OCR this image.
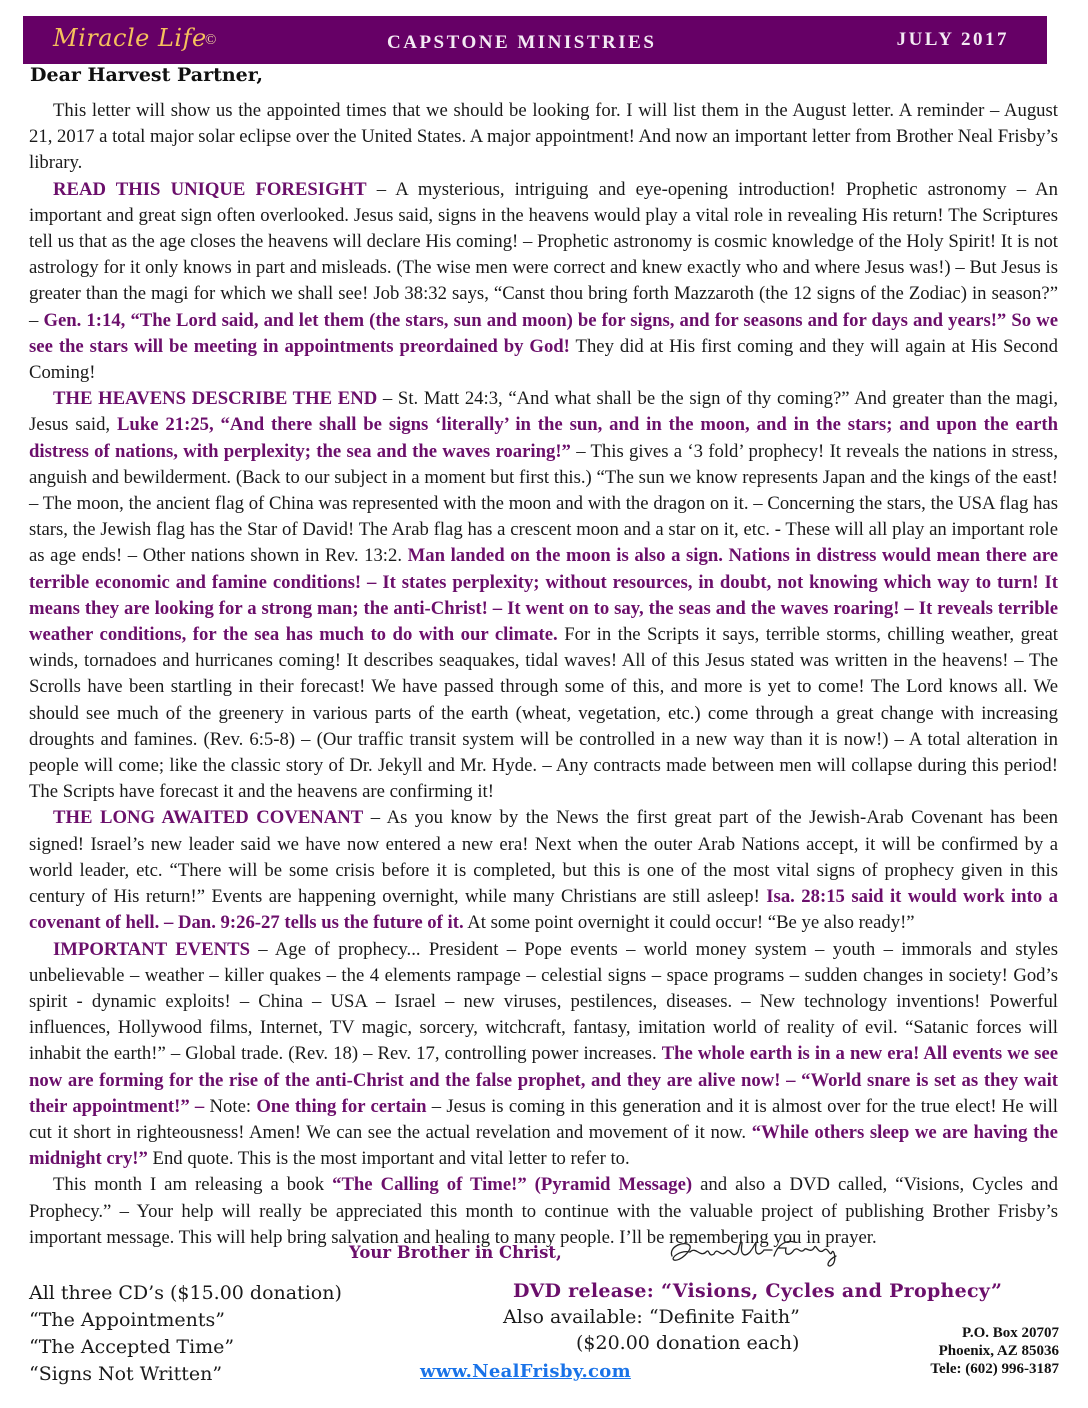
Miracle Life
©	CAPSTONE MINISTRIES	JULY 2017
Dear Harvest Partner,

This letter will show us the appointed times that we should be looking for. I will list them in the August letter. A reminder – August 21, 2017 a total major solar eclipse over the United States. A major appointment! And now an important letter from Brother Neal Frisby’s library.

READ THIS UNIQUE FORESIGHT – A mysterious, intriguing and eye-opening introduction! Prophetic astronomy – An important and great sign often overlooked. Jesus said, signs in the heavens would play a vital role in revealing His return! The Scriptures tell us that as the age closes the heavens will declare His coming! – Prophetic astronomy is cosmic knowledge of the Holy Spirit! It is not astrology for it only knows in part and misleads. (The wise men were correct and knew exactly who and where Jesus was!) – But Jesus is greater than the magi for which we shall see! Job 38:32 says, “Canst thou bring forth Mazzaroth (the 12 signs of the Zodiac) in season?” – Gen. 1:14, “The Lord said, and let them (the stars, sun and moon) be for signs, and for seasons and for days and years!” So we see the stars will be meeting in appointments preordained by God! They did at His first coming and they will again at His Second Coming!

THE HEAVENS DESCRIBE THE END – St. Matt 24:3, “And what shall be the sign of thy coming?” And greater than the magi, Jesus said, Luke 21:25, “And there shall be signs ‘literally’ in the sun, and in the moon, and in the stars; and upon the earth distress of nations, with perplexity; the sea and the waves roaring!” – This gives a ‘3 fold’ prophecy! It reveals the nations in stress, anguish and bewilderment. (Back to our subject in a moment but first this.) “The sun we know represents Japan and the kings of the east! – The moon, the ancient flag of China was represented with the moon and with the dragon on it. – Concerning the stars, the USA flag has stars, the Jewish flag has the Star of David! The Arab flag has a crescent moon and a star on it, etc. - These will all play an important role as age ends! – Other nations shown in Rev. 13:2. Man landed on the moon is also a sign. Nations in distress would mean there are terrible economic and famine conditions! – It states perplexity; without resources, in doubt, not knowing which way to turn! It means they are looking for a strong man; the anti-Christ! – It went on to say, the seas and the waves roaring! – It reveals terrible weather conditions, for the sea has much to do with our climate. For in the Scripts it says, terrible storms, chilling weather, great winds, tornadoes and hurricanes coming! It describes seaquakes, tidal waves! All of this Jesus stated was written in the heavens! – The Scrolls have been startling in their forecast! We have passed through some of this, and more is yet to come! The Lord knows all. We should see much of the greenery in various parts of the earth (wheat, vegetation, etc.) come through a great change with increasing droughts and famines. (Rev. 6:5-8) – (Our traffic transit system will be controlled in a new way than it is now!) – A total alteration in people will come; like the classic story of Dr. Jekyll and Mr. Hyde. – Any contracts made between men will collapse during this period! The Scripts have forecast it and the heavens are confirming it!

THE LONG AWAITED COVENANT – As you know by the News the first great part of the Jewish-Arab Covenant has been signed! Israel’s new leader said we have now entered a new era! Next when the outer Arab Nations accept, it will be confirmed by a world leader, etc. “There will be some crisis before it is completed, but this is one of the most vital signs of prophecy given in this century of His return!” Events are happening overnight, while many Christians are still asleep! Isa. 28:15 said it would work into a covenant of hell. – Dan. 9:26-27 tells us the future of it. At some point overnight it could occur! “Be ye also ready!”

IMPORTANT EVENTS – Age of prophecy... President – Pope events – world money system – youth – immorals and styles unbelievable – weather – killer quakes – the 4 elements rampage – celestial signs – space programs – sudden changes in society! God’s spirit - dynamic exploits! – China – USA – Israel – new viruses, pestilences, diseases. – New technology inventions! Powerful influences, Hollywood films, Internet, TV magic, sorcery, witchcraft, fantasy, imitation world of reality of evil. “Satanic forces will inhabit the earth!” – Global trade. (Rev. 18) – Rev. 17, controlling power increases. The whole earth is in a new era! All events we see now are forming for the rise of the anti-Christ and the false prophet, and they are alive now! – “World snare is set as they wait their appointment!” – Note: One thing for certain – Jesus is coming in this generation and it is almost over for the true elect! He will cut it short in righteousness! Amen! We can see the actual revelation and movement of it now. “While others sleep we are having the midnight cry!” End quote. This is the most important and vital letter to refer to.

This month I am releasing a book “The Calling of Time!” (Pyramid Message) and also a DVD called, “Visions, Cycles and Prophecy.” – Your help will really be appreciated this month to continue with the valuable project of publishing Brother Frisby’s important message. This will help bring salvation and healing to many people. I’ll be remembering you in prayer.

Your Brother in Christ,
All three CD’s ($15.00 donation)
“The Appointments”
“The Accepted Time”
“Signs Not Written”
DVD release: “Visions, Cycles and Prophecy”
Also available: “Definite Faith”
($20.00 donation each)
www.NealFrisby.com
P.O. Box 20707
Phoenix, AZ 85036
Tele: (602) 996-3187
